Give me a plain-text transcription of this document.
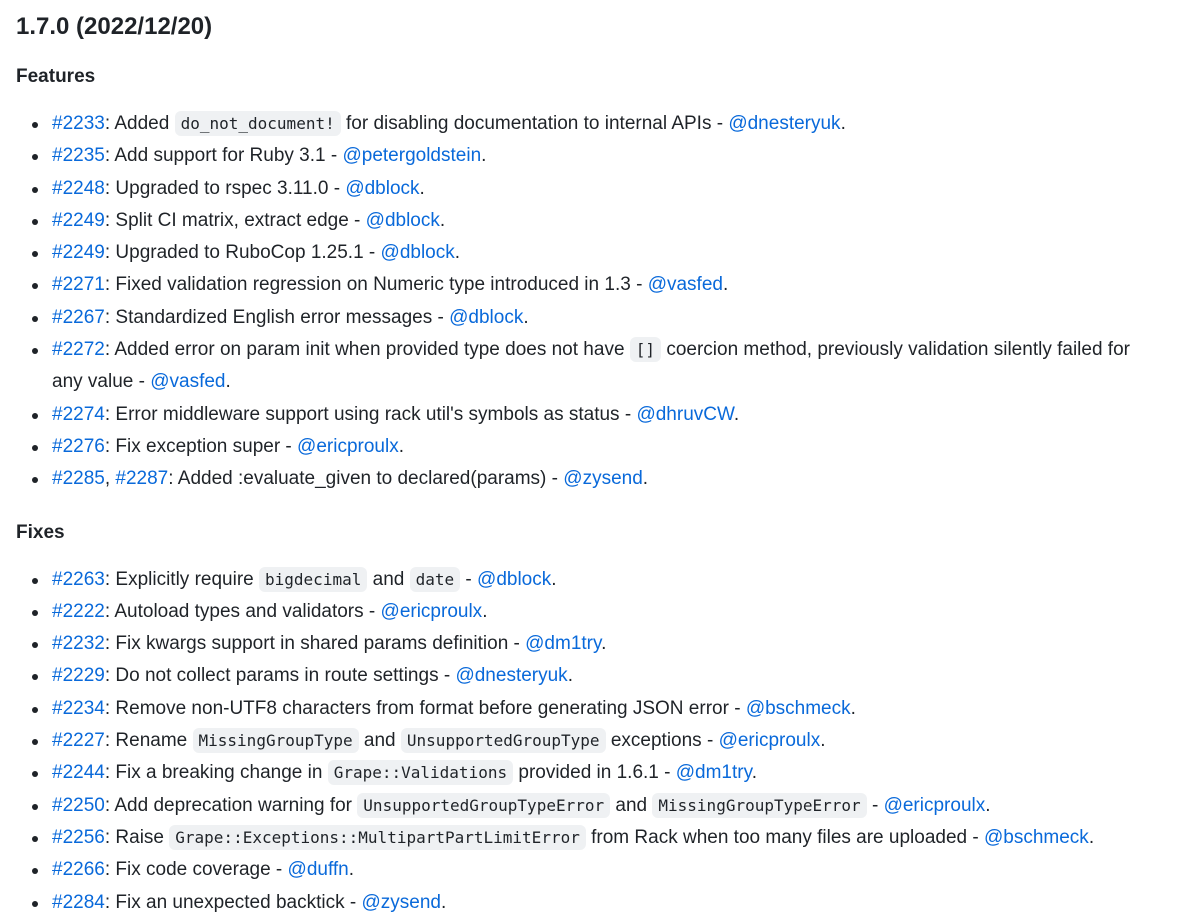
1.7.0 (2022/12/20)
Features
#2233: Added do_not_document! for disabling documentation to internal APIs - @dnesteryuk.
#2235: Add support for Ruby 3.1 - @petergoldstein.
#2248: Upgraded to rspec 3.11.0 - @dblock.
#2249: Split CI matrix, extract edge - @dblock.
#2249: Upgraded to RuboCop 1.25.1 - @dblock.
#2271: Fixed validation regression on Numeric type introduced in 1.3 - @vasfed.
#2267: Standardized English error messages - @dblock.
#2272: Added error on param init when provided type does not have [] coercion method, previously validation silently failed for any value - @vasfed.
#2274: Error middleware support using rack util's symbols as status - @dhruvCW.
#2276: Fix exception super - @ericproulx.
#2285, #2287: Added :evaluate_given to declared(params) - @zysend.
Fixes
#2263: Explicitly require bigdecimal and date - @dblock.
#2222: Autoload types and validators - @ericproulx.
#2232: Fix kwargs support in shared params definition - @dm1try.
#2229: Do not collect params in route settings - @dnesteryuk.
#2234: Remove non-UTF8 characters from format before generating JSON error - @bschmeck.
#2227: Rename MissingGroupType and UnsupportedGroupType exceptions - @ericproulx.
#2244: Fix a breaking change in Grape::Validations provided in 1.6.1 - @dm1try.
#2250: Add deprecation warning for UnsupportedGroupTypeError and MissingGroupTypeError - @ericproulx.
#2256: Raise Grape::Exceptions::MultipartPartLimitError from Rack when too many files are uploaded - @bschmeck.
#2266: Fix code coverage - @duffn.
#2284: Fix an unexpected backtick - @zysend.
